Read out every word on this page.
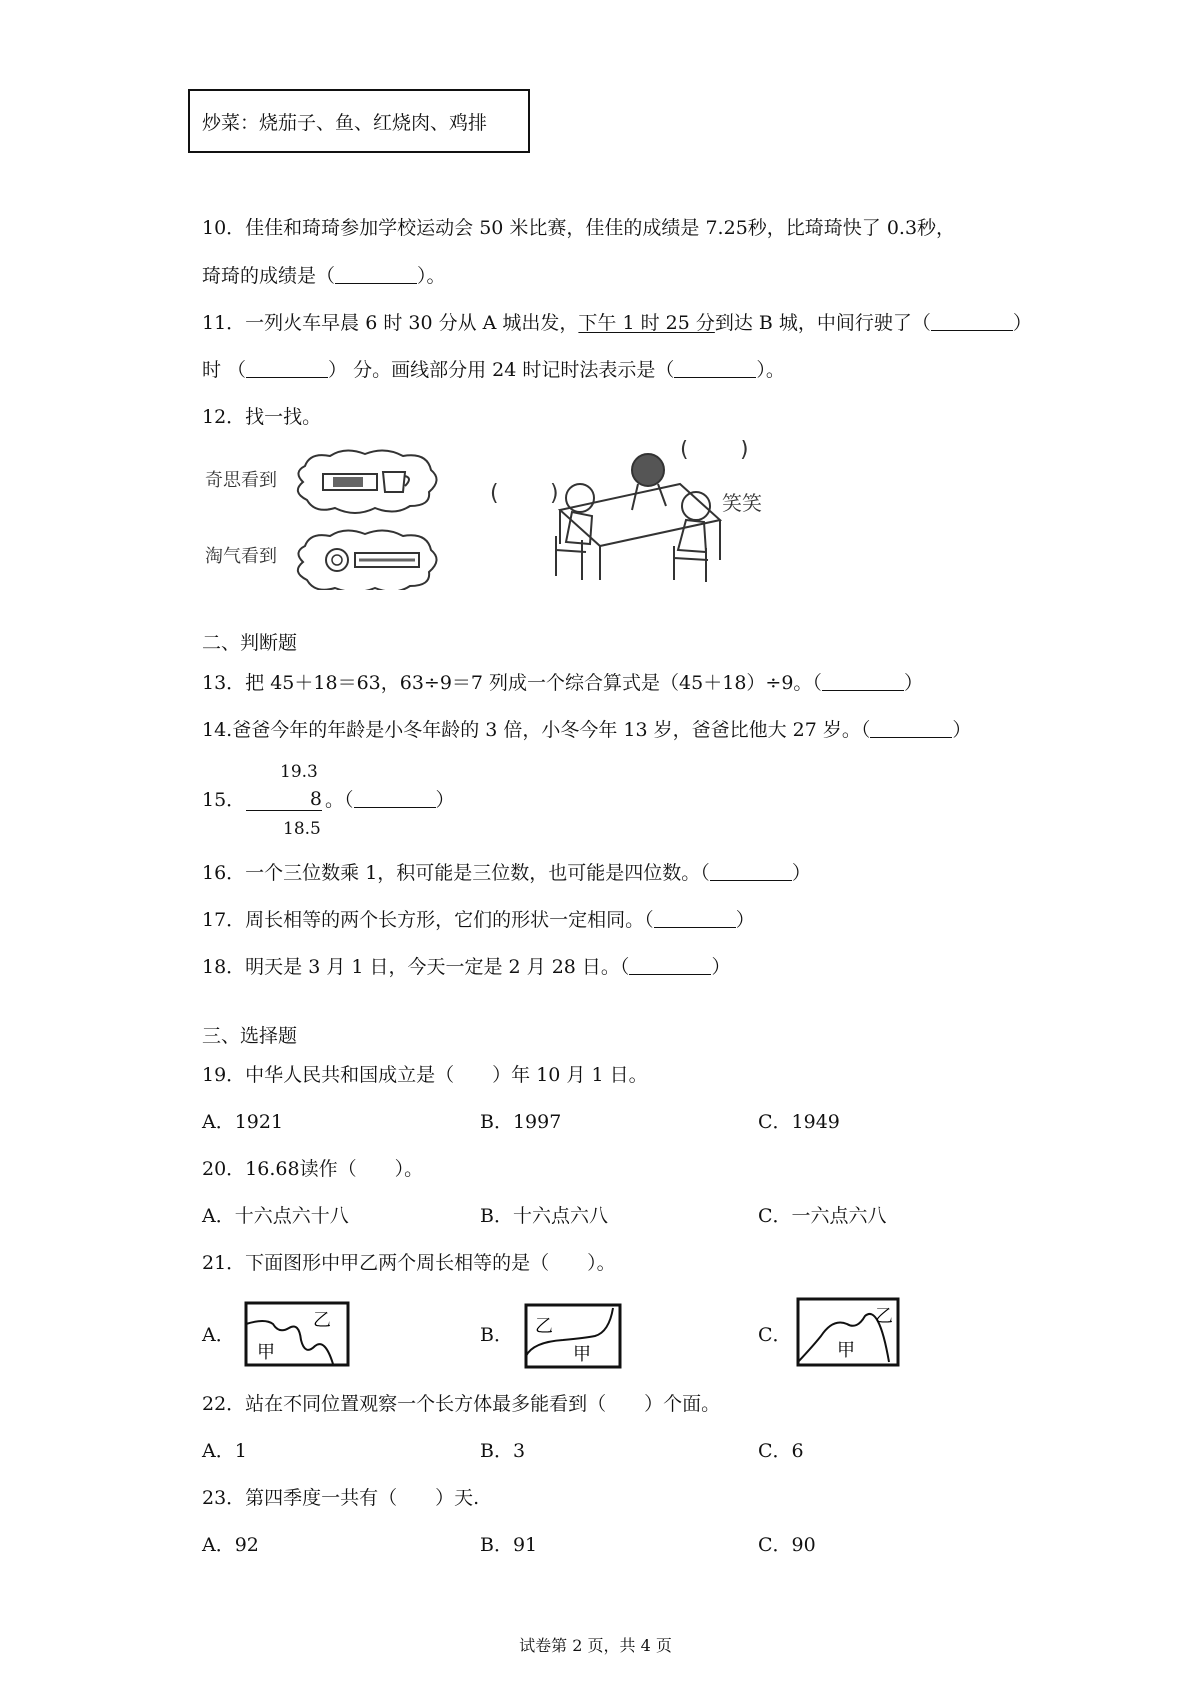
炒菜：烧茄子、鱼、红烧肉、鸡排
10．佳佳和琦琦参加学校运动会 50 米比赛，佳佳的成绩是 7.25秒，比琦琦快了 0.3秒，
琦琦的成绩是（	）。
11．一列火车早晨 6 时 30 分从 A 城出发，下午 1 时 25 分到达 B 城，中间行驶了（	）
时 （	） 分。画线部分用 24 时记时法表示是（	）。
12．找一找。
奇思看到
淘气看到
( )
( )
笑笑
二、判断题
13．把 45＋18＝63，63÷9＝7 列成一个综合算式是（45＋18）÷9。（	）
14.爸爸今年的年龄是小冬年龄的 3 倍，小冬今年 13 岁，爸爸比他大 27 岁。（	）
19.3
15．	8 。（	）
18.5
16．一个三位数乘 1，积可能是三位数，也可能是四位数。（	）
17．周长相等的两个长方形，它们的形状一定相同。（	）
18．明天是 3 月 1 日，今天一定是 2 月 28 日。（	）
三、选择题
19．中华人民共和国成立是（　　）年 10 月 1 日。
A．1921	B．1997	C．1949
20．16.68读作（　　）。
A．十六点六十八	B．十六点六八	C．一六点六八
21．下面图形中甲乙两个周长相等的是（　　）。
A．
甲
乙
B． 乙
甲
C．
乙
甲
22．站在不同位置观察一个长方体最多能看到（　　）个面。
A．1	B．3	C．6
23．第四季度一共有（　　）天.
A．92	B．91	C．90
试卷第 2 页，共 4 页
